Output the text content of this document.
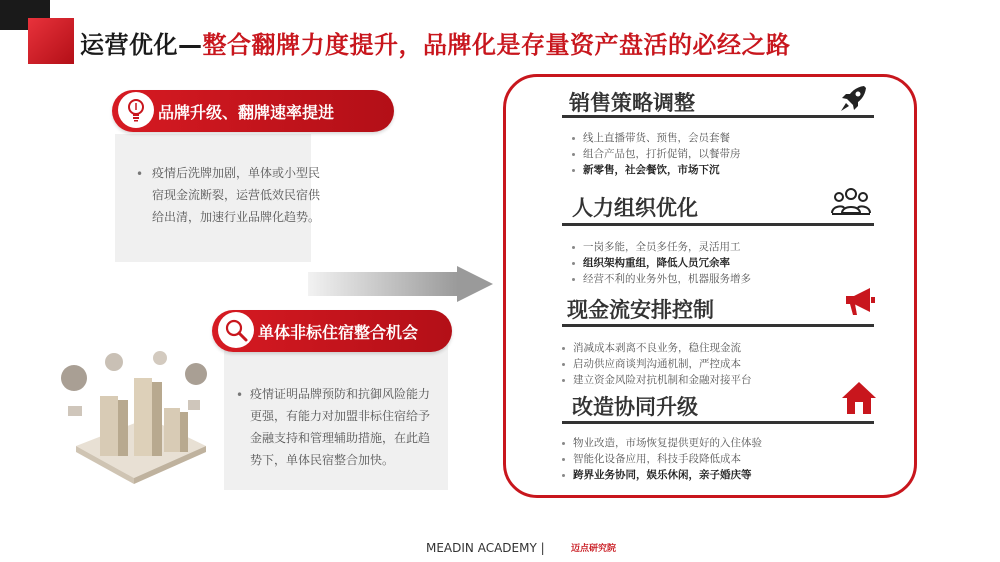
运营优化—整合翻牌力度提升，品牌化是存量资产盘活的必经之路
品牌升级、翻牌速率提进
• 疫情后洗牌加剧，单体或小型民
宿现金流断裂，运营低效民宿供
给出清，加速行业品牌化趋势。
单体非标住宿整合机会
• 疫情证明品牌预防和抗御风险能力
更强，有能力对加盟非标住宿给予
金融支持和管理辅助措施，在此趋
势下，单体民宿整合加快。
销售策略调整
线上直播带货、预售，会员套餐
组合产品包，打折促销，以餐带房
新零售，社会餐饮，市场下沉
人力组织优化
一岗多能，全员多任务，灵活用工
组织架构重组，降低人员冗余率
经营不利的业务外包，机器服务增多
现金流安排控制
消减成本剥离不良业务，稳住现金流
启动供应商谈判沟通机制，严控成本
建立资金风险对抗机制和金融对接平台
改造协同升级
物业改造，市场恢复提供更好的入住体验
智能化设备应用，科技手段降低成本
跨界业务协同，娱乐休闲，亲子婚庆等
MEADIN ACADEMY |	迈点研究院
